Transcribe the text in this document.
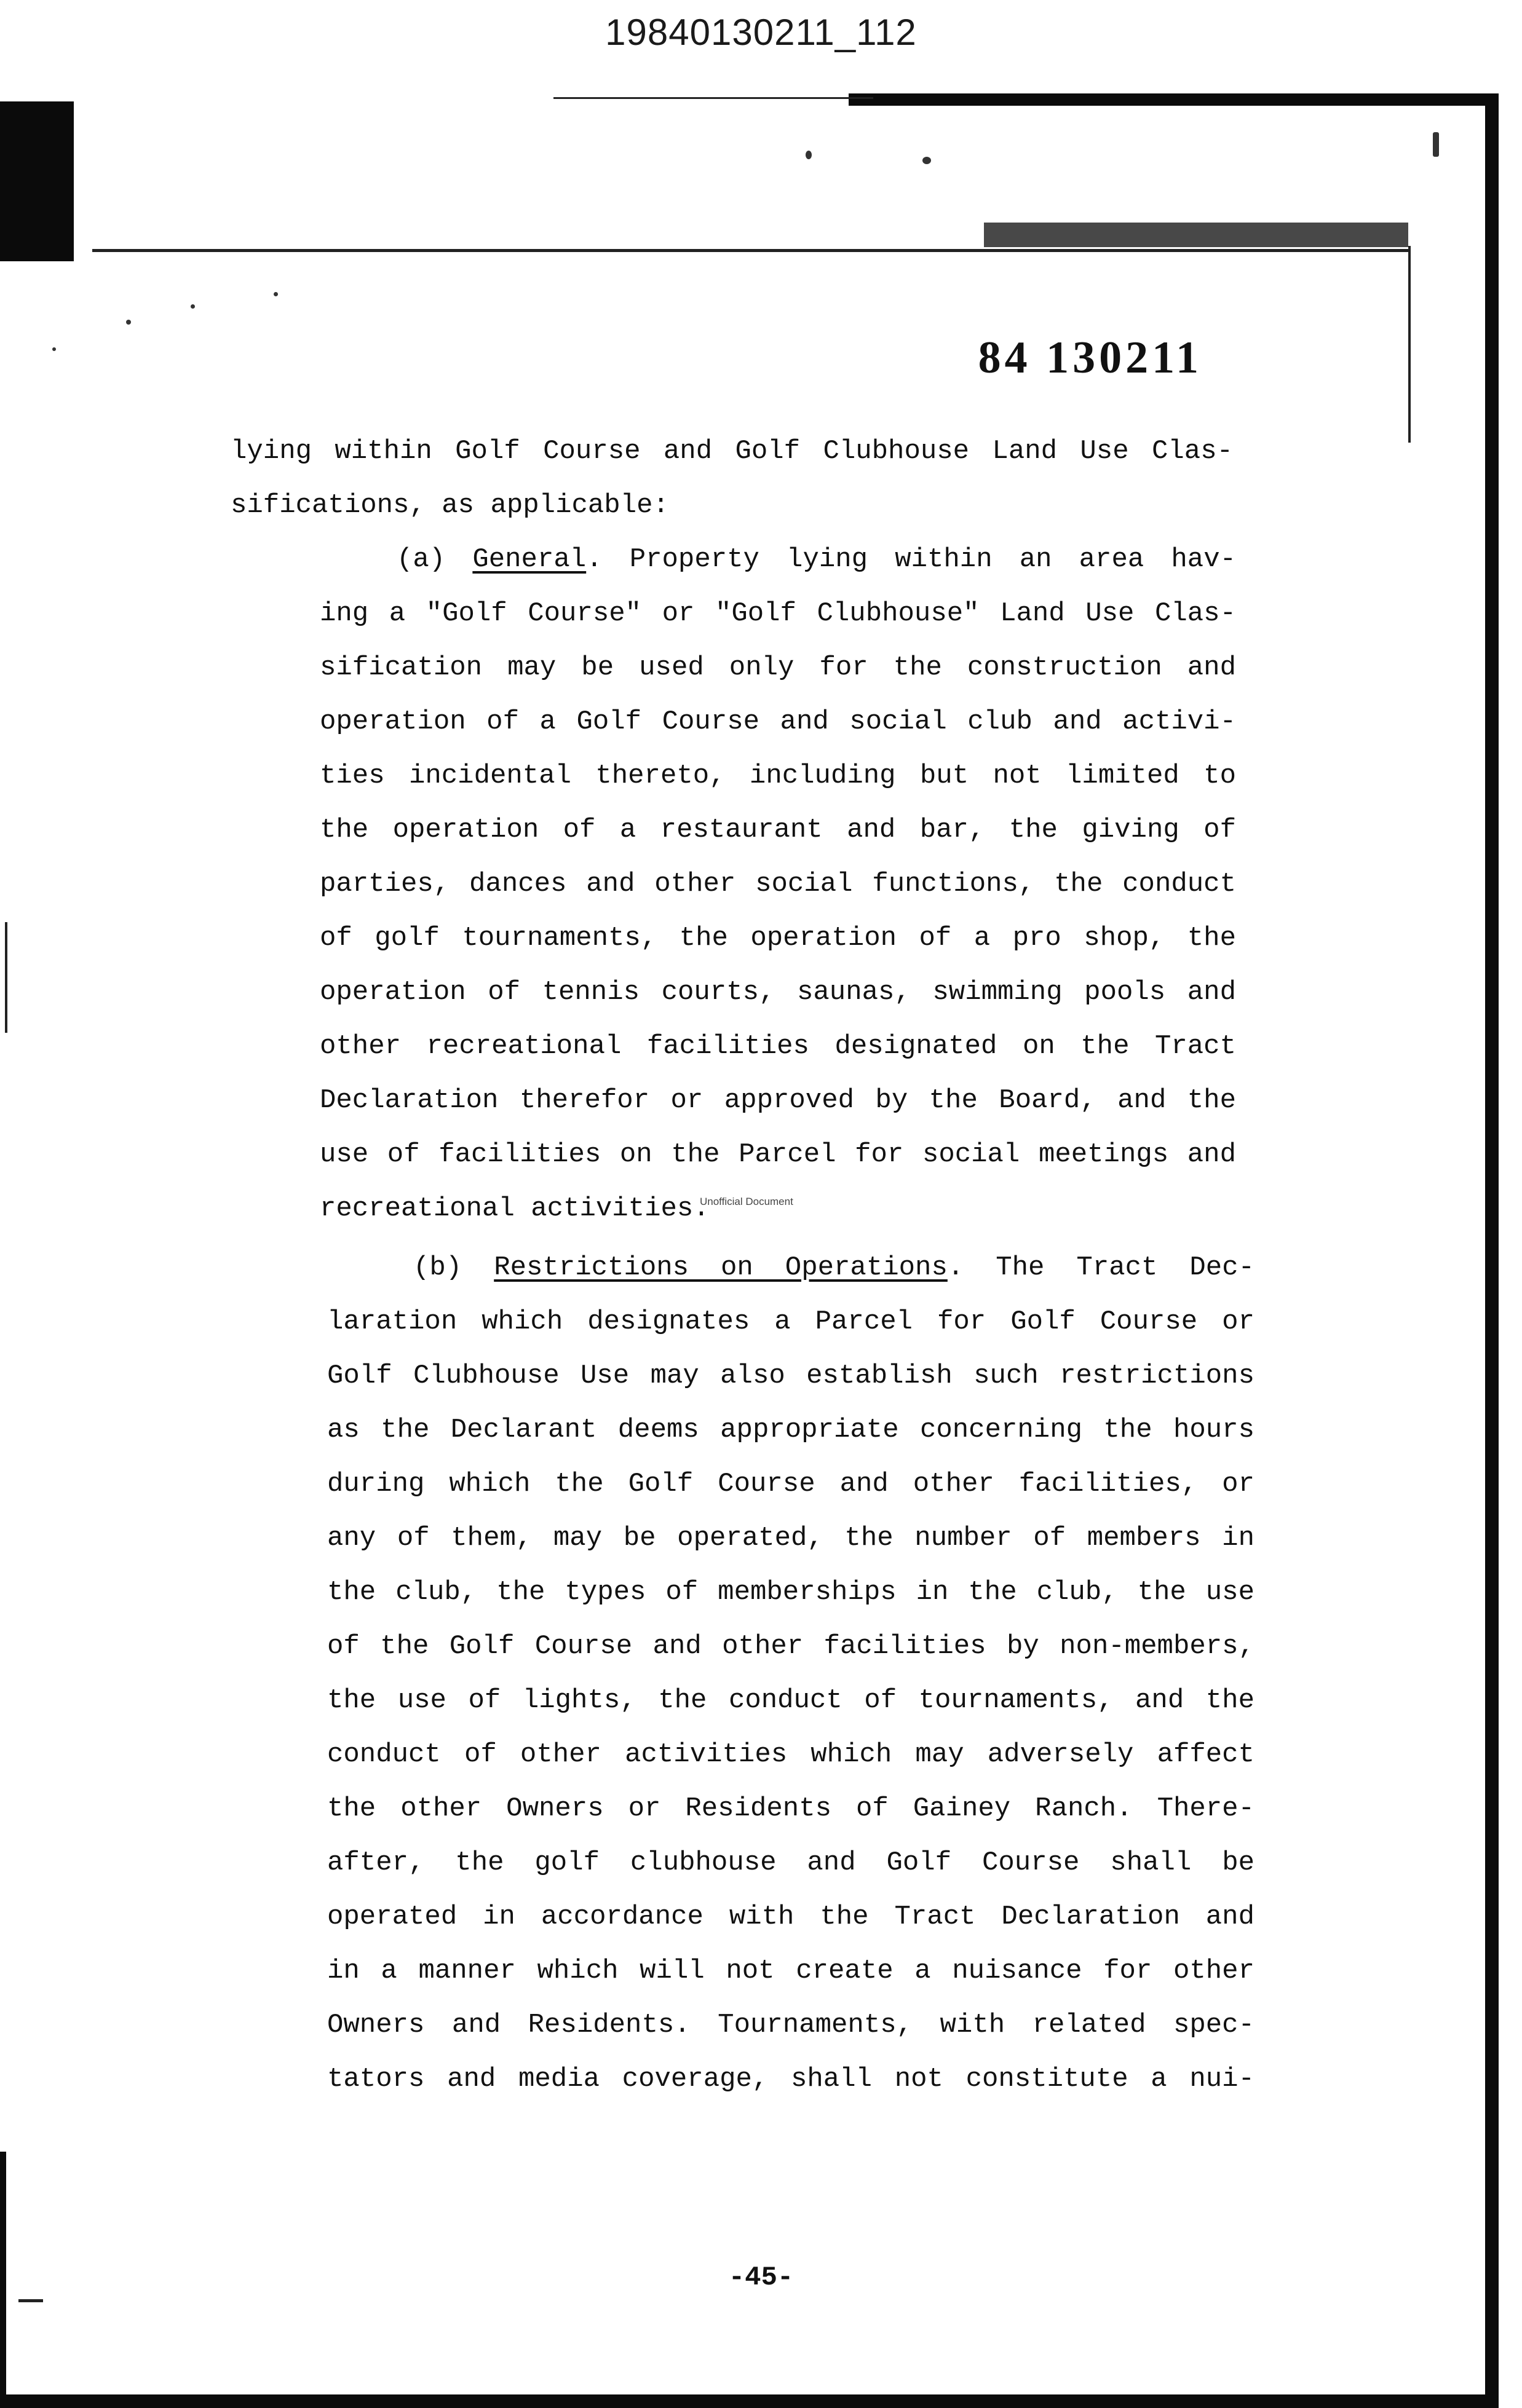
19840130211_112
84 130211
lying within Golf Course and Golf Clubhouse Land Use Clas-
sifications, as applicable:
(a) General. Property lying within an area hav-
ing a "Golf Course" or "Golf Clubhouse" Land Use Clas-
sification may be used only for the construction and
operation of a Golf Course and social club and activi-
ties incidental thereto, including but not limited to
the operation of a restaurant and bar, the giving of
parties, dances and other social functions, the conduct
of golf tournaments, the operation of a pro shop, the
operation of tennis courts, saunas, swimming pools and
other recreational facilities designated on the Tract
Declaration therefor or approved by the Board, and the
use of facilities on the Parcel for social meetings and
recreational activities.
Unofficial Document
(b) Restrictions on Operations. The Tract Dec-
laration which designates a Parcel for Golf Course or
Golf Clubhouse Use may also establish such restrictions
as the Declarant deems appropriate concerning the hours
during which the Golf Course and other facilities, or
any of them, may be operated, the number of members in
the club, the types of memberships in the club, the use
of the Golf Course and other facilities by non-members,
the use of lights, the conduct of tournaments, and the
conduct of other activities which may adversely affect
the other Owners or Residents of Gainey Ranch. There-
after, the golf clubhouse and Golf Course shall be
operated in accordance with the Tract Declaration and
in a manner which will not create a nuisance for other
Owners and Residents. Tournaments, with related spec-
tators and media coverage, shall not constitute a nui-
-45-
